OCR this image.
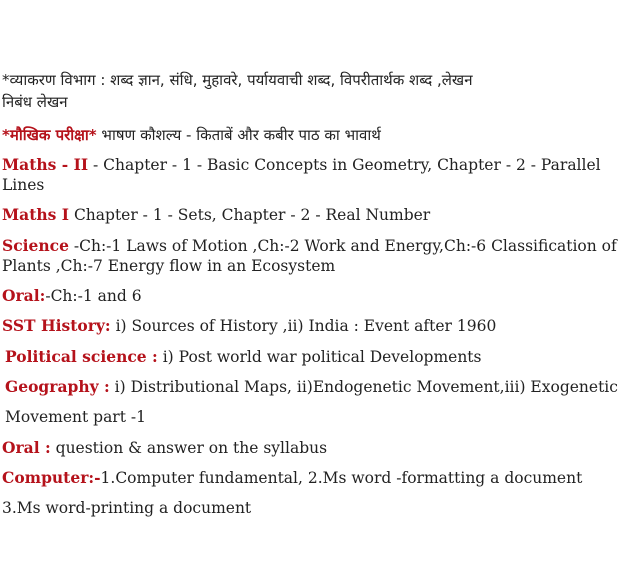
*व्याकरण विभाग : शब्द ज्ञान, संधि, मुहावरे, पर्यायवाची शब्द, विपरीतार्थक शब्द ,लेखन
निबंध लेखन
*मौखिक परीक्षा* भाषण कौशल्य - किताबें और कबीर पाठ का भावार्थ
Maths - II - Chapter - 1 - Basic Concepts in Geometry, Chapter - 2 - Parallel
Lines
Maths I Chapter - 1 - Sets, Chapter - 2 - Real Number
Science -Ch:-1 Laws of Motion ,Ch:-2 Work and Energy,Ch:-6 Classification of
Plants ,Ch:-7 Energy flow in an Ecosystem
Oral:-Ch:-1 and 6
SST History: i) Sources of History ,ii) India : Event after 1960
Political science : i) Post world war political Developments
Geography : i) Distributional Maps, ii)Endogenetic Movement,iii) Exogenetic
Movement part -1
Oral : question & answer on the syllabus
Computer:-1.Computer fundamental, 2.Ms word -formatting a document
3.Ms word-printing a document
